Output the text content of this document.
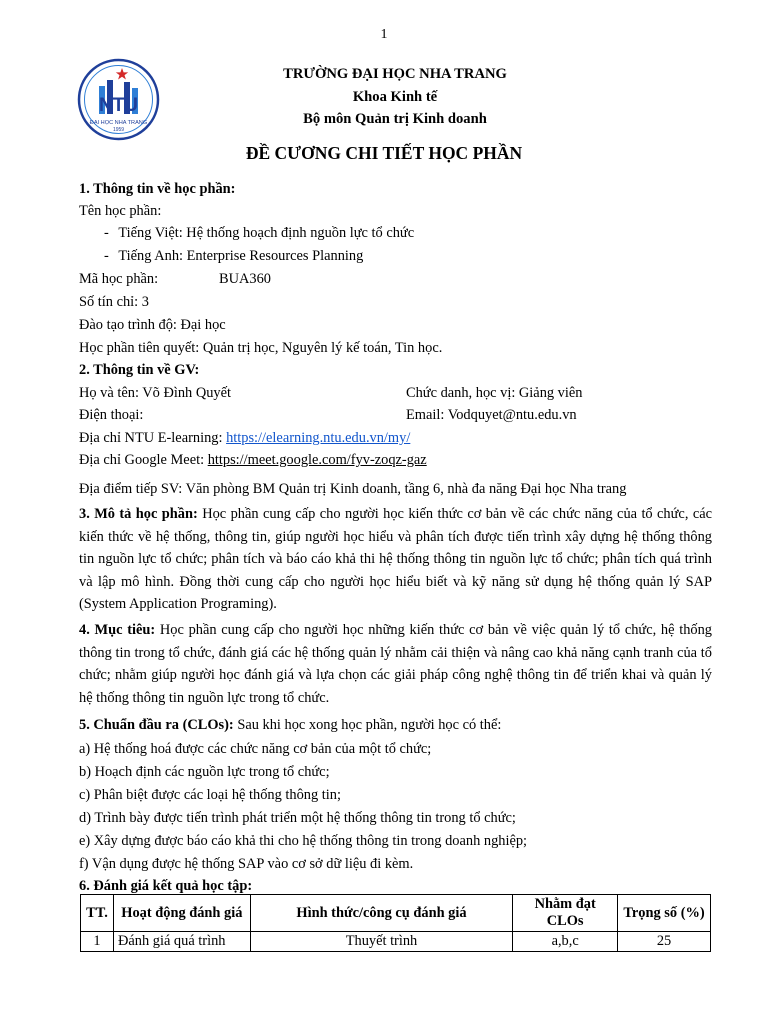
1
NTU
ĐẠI HỌC NHA TRANG
1959
TRƯỜNG ĐẠI HỌC NHA TRANG
Khoa Kinh tế
Bộ môn Quản trị Kinh doanh
ĐỀ CƯƠNG CHI TIẾT HỌC PHẦN
1. Thông tin về học phần:
Tên học phần:
-	Tiếng Việt: Hệ thống hoạch định nguồn lực tổ chức
-	Tiếng Anh: Enterprise Resources Planning
Mã học phần:	BUA360
Số tín chỉ: 3
Đào tạo trình độ: Đại học
Học phần tiên quyết: Quản trị học, Nguyên lý kế toán, Tin học.
2. Thông tin về GV:
Họ và tên: Võ Đình Quyết	Chức danh, học vị: Giảng viên
Điện thoại:	Email: Vodquyet@ntu.edu.vn
Địa chỉ NTU E-learning: https://elearning.ntu.edu.vn/my/
Địa chỉ Google Meet: https://meet.google.com/fyv-zoqz-gaz
Địa điểm tiếp SV: Văn phòng BM Quản trị Kinh doanh, tầng 6, nhà đa năng Đại học Nha trang
3. Mô tả học phần: Học phần cung cấp cho người học kiến thức cơ bản về các chức năng của tổ chức, các kiến thức về hệ thống, thông tin, giúp người học hiểu và phân tích được tiến trình xây dựng hệ thống thông tin nguồn lực tổ chức; phân tích và báo cáo khả thi hệ thống thông tin nguồn lực tổ chức; phân tích quá trình và lập mô hình. Đồng thời cung cấp cho người học hiểu biết và kỹ năng sử dụng hệ thống quản lý SAP (System Application Programing).
4. Mục tiêu: Học phần cung cấp cho người học những kiến thức cơ bản về việc quản lý tổ chức, hệ thống thông tin trong tổ chức, đánh giá các hệ thống quản lý nhằm cải thiện và nâng cao khả năng cạnh tranh của tổ chức; nhằm giúp người học đánh giá và lựa chọn các giải pháp công nghệ thông tin để triển khai và quản lý hệ thống thông tin nguồn lực trong tổ chức.
5. Chuẩn đầu ra (CLOs): Sau khi học xong học phần, người học có thể:
a) Hệ thống hoá được các chức năng cơ bản của một tổ chức;
b) Hoạch định các nguồn lực trong tổ chức;
c) Phân biệt được các loại hệ thống thông tin;
d) Trình bày được tiến trình phát triển một hệ thống thông tin trong tổ chức;
e) Xây dựng được báo cáo khả thi cho hệ thống thông tin trong doanh nghiệp;
f) Vận dụng được hệ thống SAP vào cơ sở dữ liệu đi kèm.
6. Đánh giá kết quả học tập:
TT.	Hoạt động đánh giá	Hình thức/công cụ đánh giá	Nhằm đạt CLOs	Trọng số (%)
1	Đánh giá quá trình	Thuyết trình	a,b,c	25
